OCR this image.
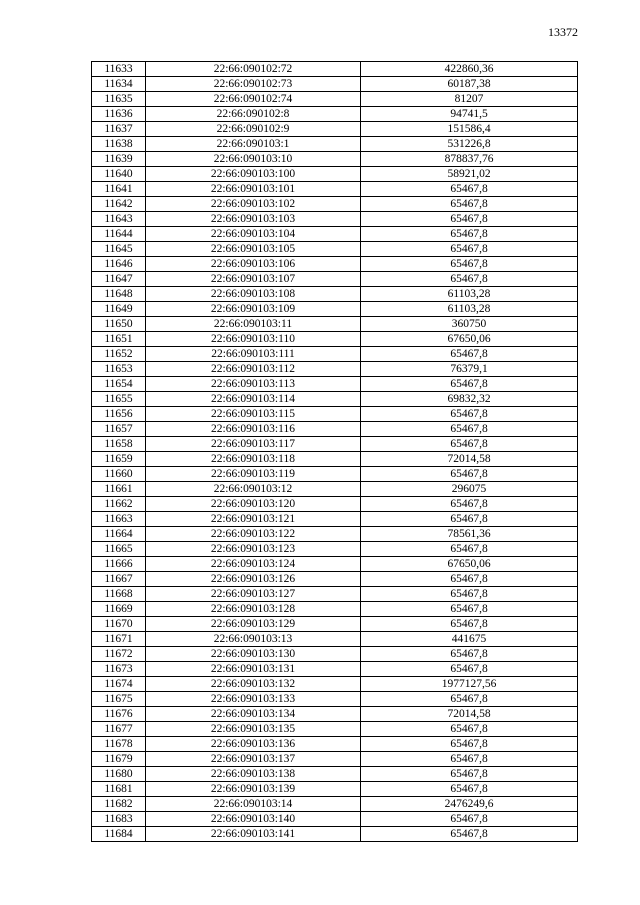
13372
11633	22:66:090102:72	422860,36
11634	22:66:090102:73	60187,38
11635	22:66:090102:74	81207
11636	22:66:090102:8	94741,5
11637	22:66:090102:9	151586,4
11638	22:66:090103:1	531226,8
11639	22:66:090103:10	878837,76
11640	22:66:090103:100	58921,02
11641	22:66:090103:101	65467,8
11642	22:66:090103:102	65467,8
11643	22:66:090103:103	65467,8
11644	22:66:090103:104	65467,8
11645	22:66:090103:105	65467,8
11646	22:66:090103:106	65467,8
11647	22:66:090103:107	65467,8
11648	22:66:090103:108	61103,28
11649	22:66:090103:109	61103,28
11650	22:66:090103:11	360750
11651	22:66:090103:110	67650,06
11652	22:66:090103:111	65467,8
11653	22:66:090103:112	76379,1
11654	22:66:090103:113	65467,8
11655	22:66:090103:114	69832,32
11656	22:66:090103:115	65467,8
11657	22:66:090103:116	65467,8
11658	22:66:090103:117	65467,8
11659	22:66:090103:118	72014,58
11660	22:66:090103:119	65467,8
11661	22:66:090103:12	296075
11662	22:66:090103:120	65467,8
11663	22:66:090103:121	65467,8
11664	22:66:090103:122	78561,36
11665	22:66:090103:123	65467,8
11666	22:66:090103:124	67650,06
11667	22:66:090103:126	65467,8
11668	22:66:090103:127	65467,8
11669	22:66:090103:128	65467,8
11670	22:66:090103:129	65467,8
11671	22:66:090103:13	441675
11672	22:66:090103:130	65467,8
11673	22:66:090103:131	65467,8
11674	22:66:090103:132	1977127,56
11675	22:66:090103:133	65467,8
11676	22:66:090103:134	72014,58
11677	22:66:090103:135	65467,8
11678	22:66:090103:136	65467,8
11679	22:66:090103:137	65467,8
11680	22:66:090103:138	65467,8
11681	22:66:090103:139	65467,8
11682	22:66:090103:14	2476249,6
11683	22:66:090103:140	65467,8
11684	22:66:090103:141	65467,8
